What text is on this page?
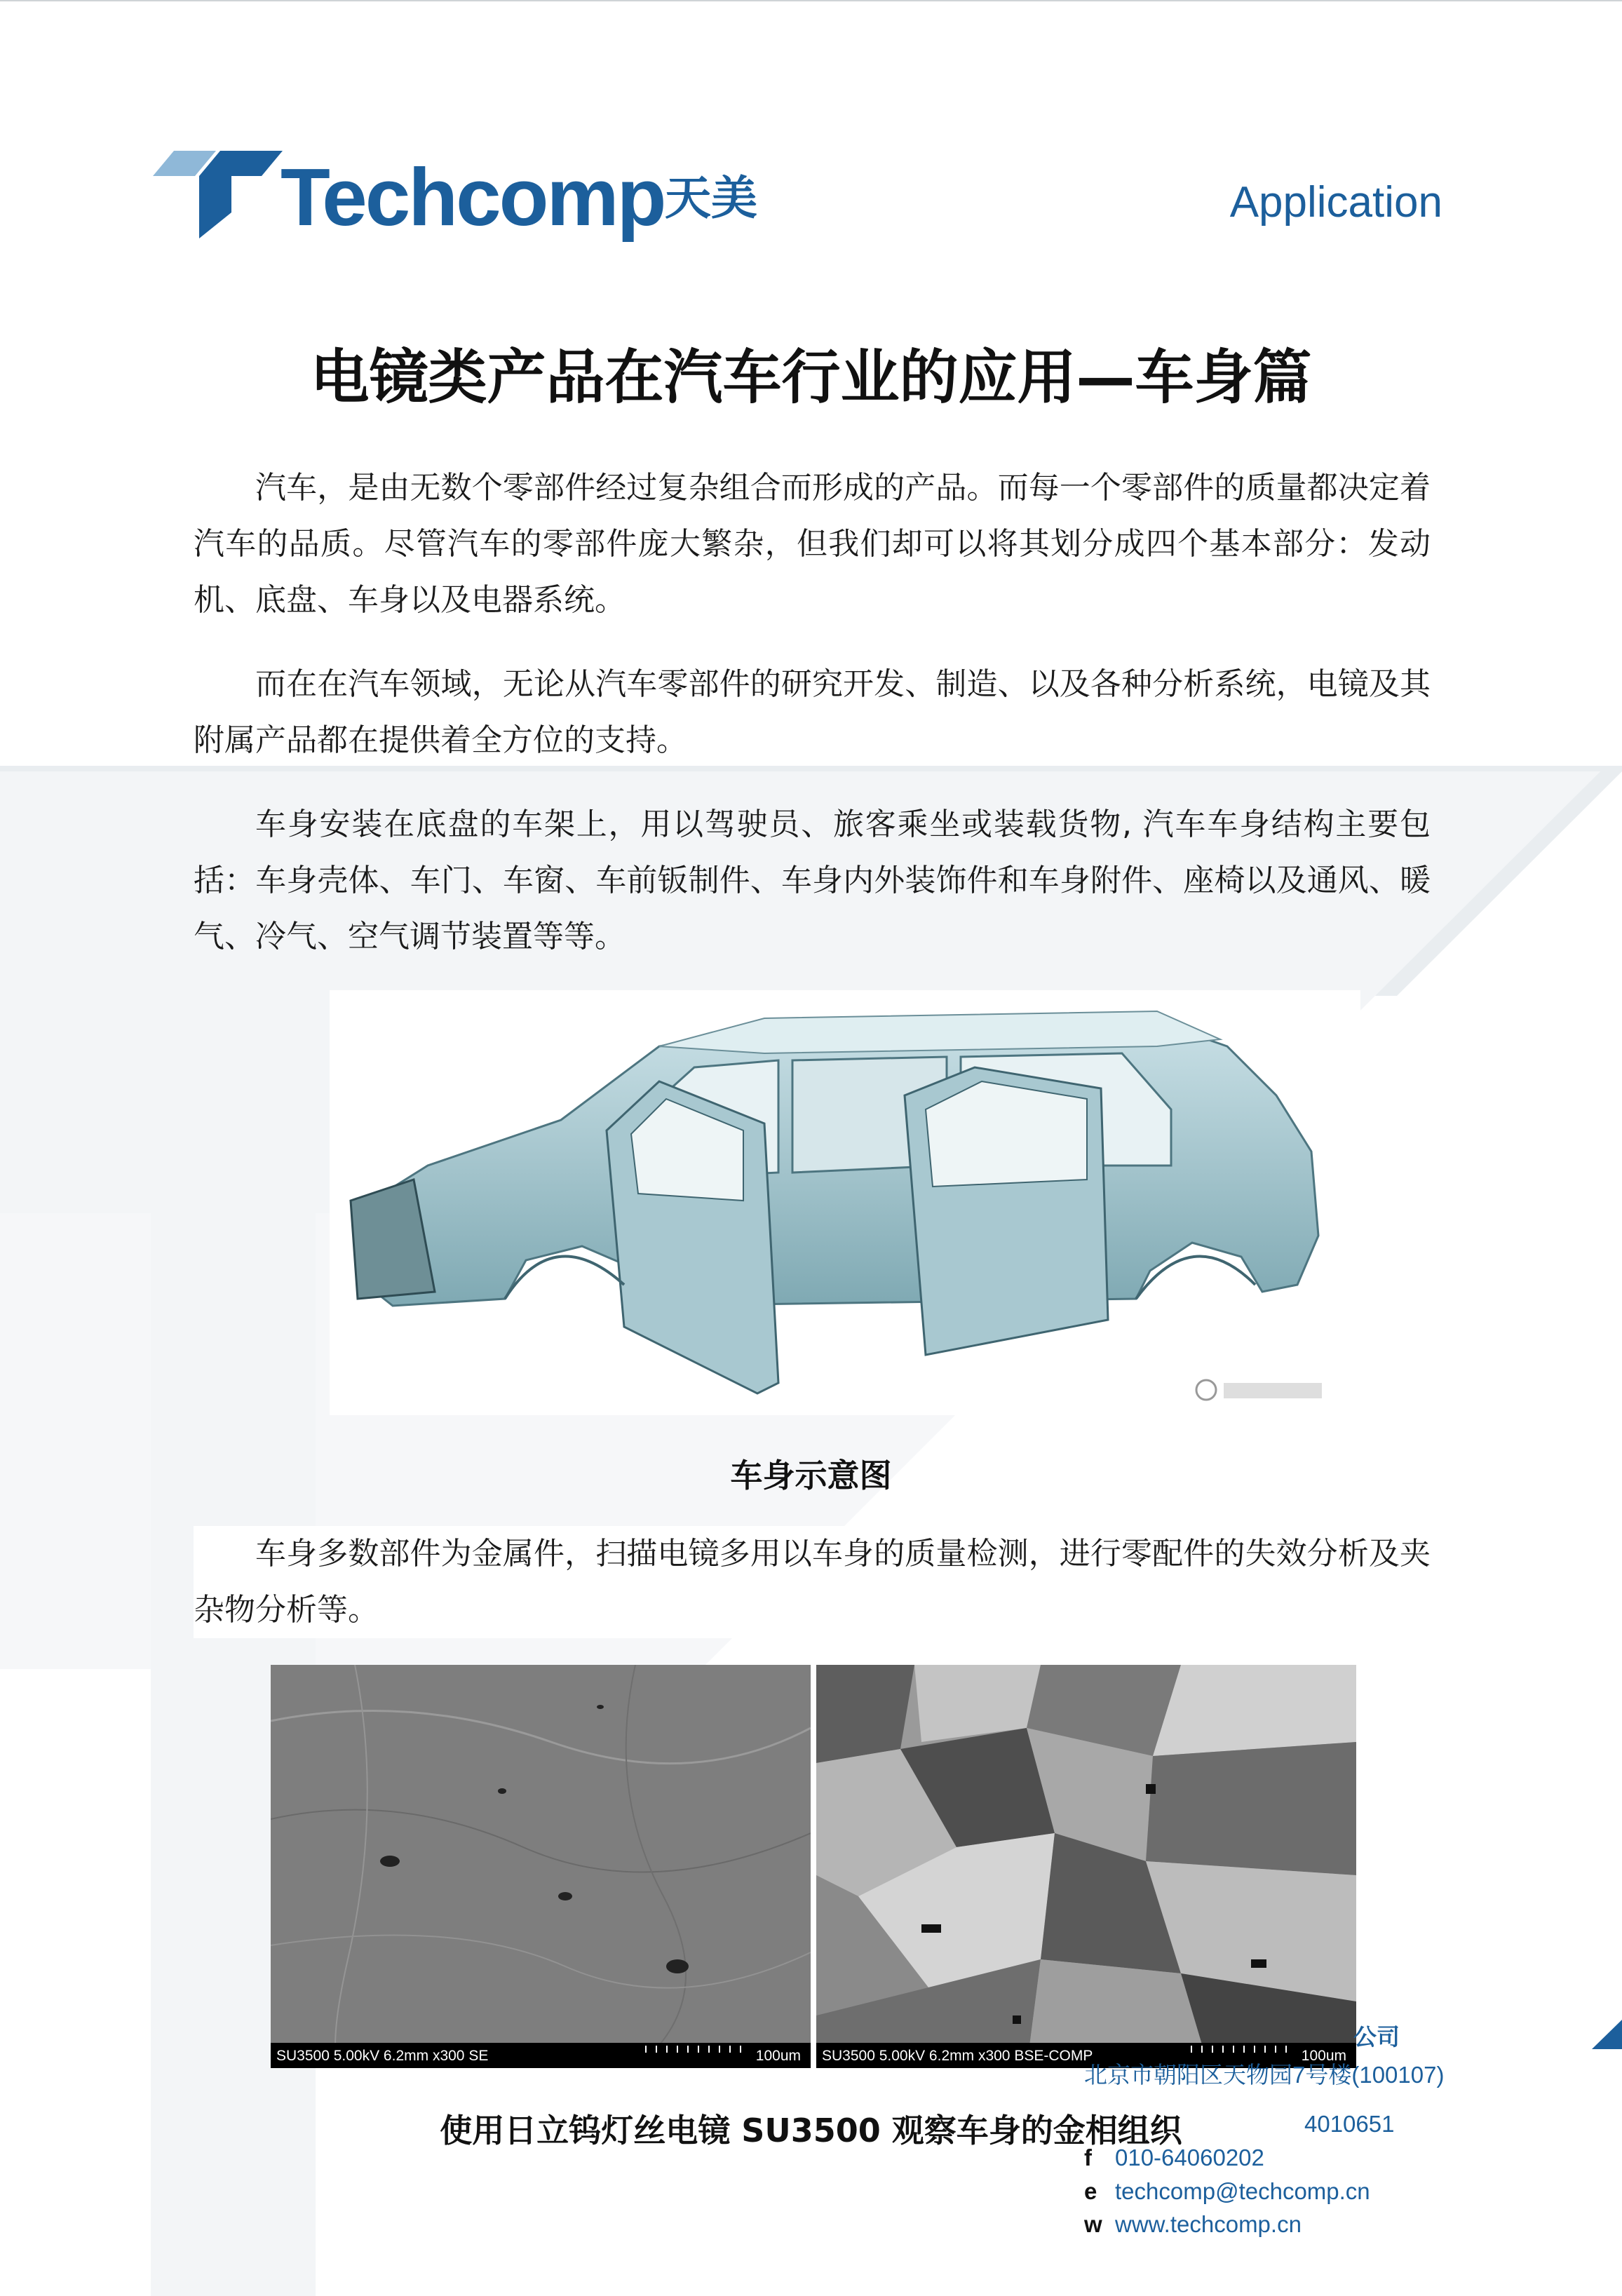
Techcomp 天美	Application
电镜类产品在汽车行业的应用—车身篇

汽车，是由无数个零部件经过复杂组合而形成的产品。而每一个零部件的质量都决定着汽车的品质。尽管汽车的零部件庞大繁杂，但我们却可以将其划分成四个基本部分：发动机、底盘、车身以及电器系统。

而在在汽车领域，无论从汽车零部件的研究开发、制造、以及各种分析系统，电镜及其附属产品都在提供着全方位的支持。

车身安装在底盘的车架上，用以驾驶员、旅客乘坐或装载货物, 汽车车身结构主要包括：车身壳体、车门、车窗、车前钣制件、车身内外装饰件和车身附件、座椅以及通风、暖气、冷气、空气调节装置等等。

车身示意图

车身多数部件为金属件，扫描电镜多用以车身的质量检测，进行零配件的失效分析及夹杂物分析等。

SU3500 5.00kV 6.2mm x300 SE	100um SU3500 5.00kV 6.2mm x300 BSE-COMP	100um
公司
北京市朝阳区天物园7号楼(100107)
4010651
f 010-64060202
e techcomp@techcomp.cn
w www.techcomp.cn
使用日立钨灯丝电镜 SU3500 观察车身的金相组织
